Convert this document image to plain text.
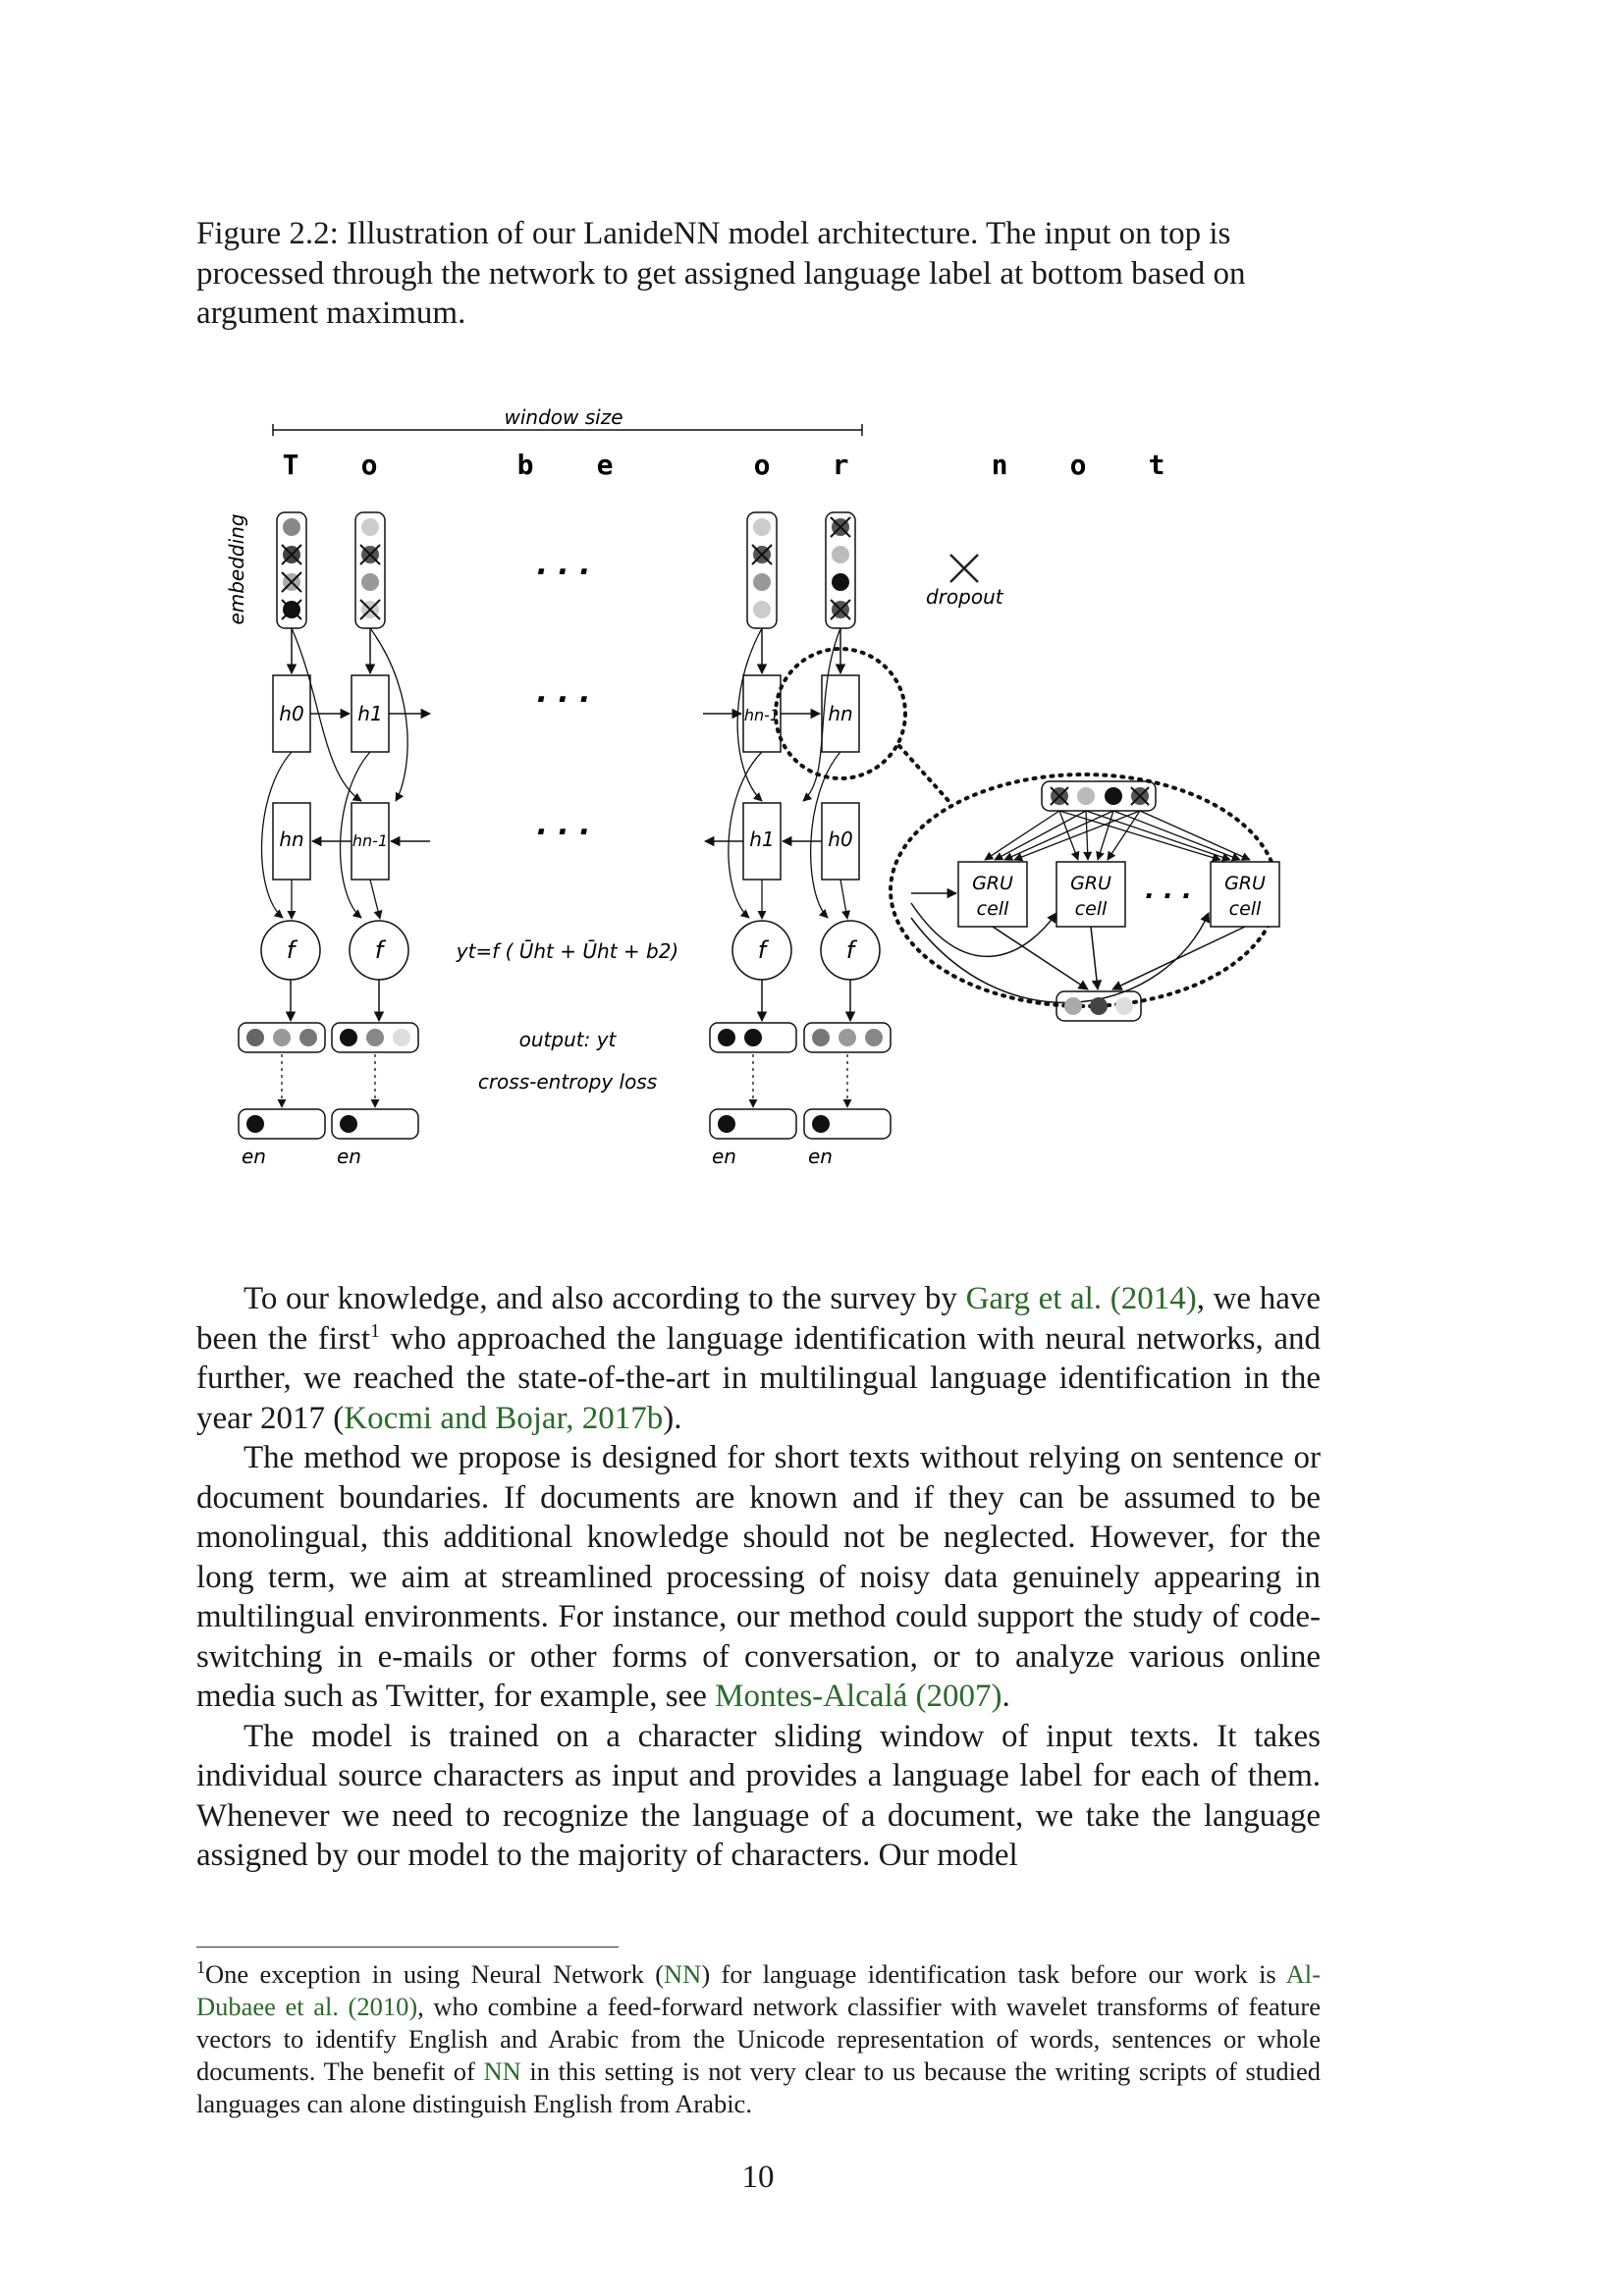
Figure 2.2: Illustration of our LanideNN model architecture. The input on top is processed through the network to get assigned language label at bottom based on argument maximum.
window size
T o	b e	o r	n o t
embedding	dropout
. . .
. . .
. . .
h0	h1	hn-1 hn
hn	hn-1	h1	h0
f	f	f	f
yt=f ( Ūht + Ūht + b2)
output: yt
cross-entropy loss
en	en	en	en
GRU
cell
GRU
cell
GRU
cell
. . .

To our knowledge, and also according to the survey by Garg et al. (2014), we have been the first$^1$ who approached the language identification with neural networks, and further, we reached the state-of-the-art in multilingual language identification in the year 2017 (Kocmi and Bojar, 2017b).

The method we propose is designed for short texts without relying on sentence or document boundaries. If documents are known and if they can be assumed to be monolingual, this additional knowledge should not be neglected. However, for the long term, we aim at streamlined processing of noisy data genuinely appearing in multilingual environments. For instance, our method could support the study of code-switching in e-mails or other forms of conversation, or to analyze various online media such as Twitter, for example, see Montes-Alcalá (2007).

The model is trained on a character sliding window of input texts. It takes individual source characters as input and provides a language label for each of them. Whenever we need to recognize the language of a document, we take the language assigned by our model to the majority of characters. Our model

$^1$One exception in using Neural Network (NN) for language identification task before our work is Al-Dubaee et al. (2010), who combine a feed-forward network classifier with wavelet transforms of feature vectors to identify English and Arabic from the Unicode representation of words, sentences or whole documents. The benefit of NN in this setting is not very clear to us because the writing scripts of studied languages can alone distinguish English from Arabic.
10
